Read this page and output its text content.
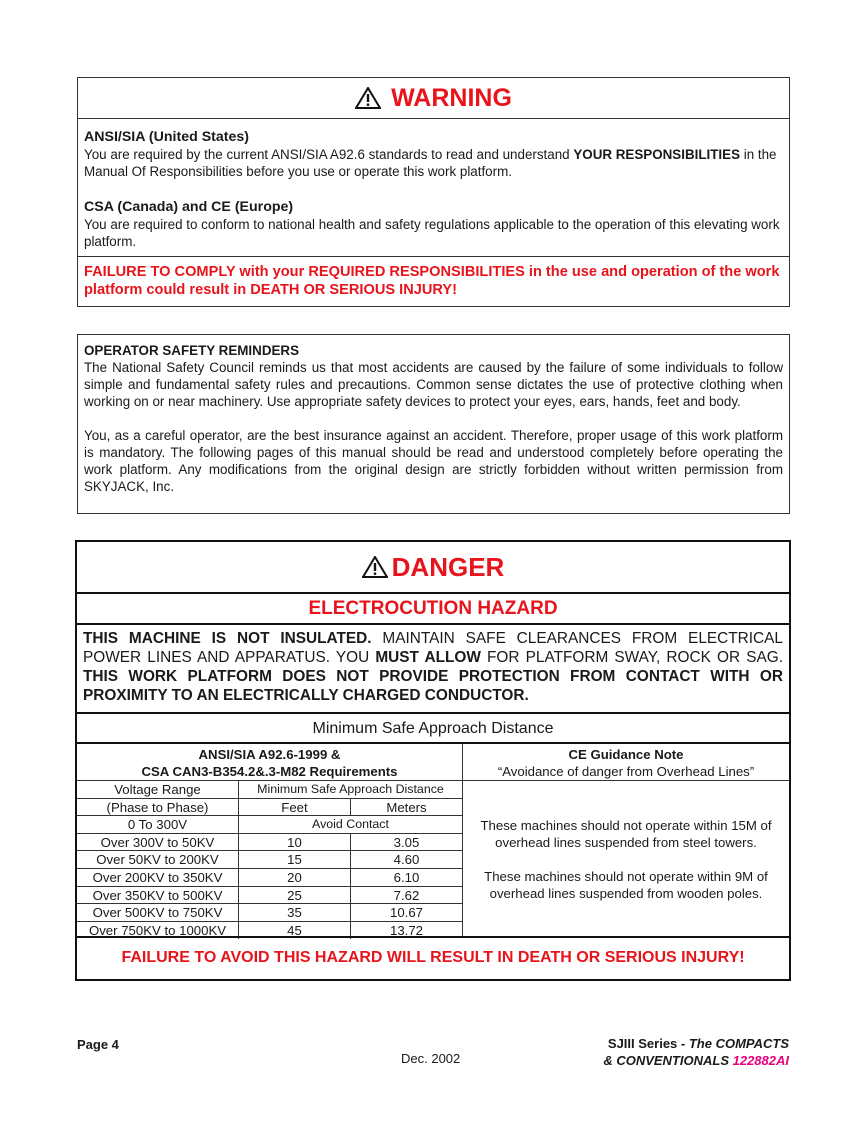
WARNING
ANSI/SIA (United States)

You are required by the current ANSI/SIA A92.6 standards to read and understand YOUR RESPONSIBILITIES in the Manual Of Responsibilities before you use or operate this work platform.

CSA (Canada) and CE (Europe)

You are required to conform to national health and safety regulations applicable to the operation of this elevating work platform.

FAILURE TO COMPLY with your REQUIRED RESPONSIBILITIES in the use and operation of the work platform could result in DEATH OR SERIOUS INJURY!
OPERATOR SAFETY REMINDERS

The National Safety Council reminds us that most accidents are caused by the failure of some individuals to follow simple and fundamental safety rules and precautions. Common sense dictates the use of protective clothing when working on or near machinery. Use appropriate safety devices to protect your eyes, ears, hands, feet and body.

You, as a careful operator, are the best insurance against an accident. Therefore, proper usage of this work platform is mandatory. The following pages of this manual should be read and understood completely before operating the work platform. Any modifications from the original design are strictly forbidden without written permission from SKYJACK, Inc.

DANGER
ELECTROCUTION HAZARD
THIS MACHINE IS NOT INSULATED. MAINTAIN SAFE CLEARANCES FROM ELECTRICAL POWER LINES AND APPARATUS. YOU MUST ALLOW FOR PLATFORM SWAY, ROCK OR SAG. THIS WORK PLATFORM DOES NOT PROVIDE PROTECTION FROM CONTACT WITH OR PROXIMITY TO AN ELECTRICALLY CHARGED CONDUCTOR.
Minimum Safe Approach Distance
ANSI/SIA A92.6-1999 &
CSA CAN3-B354.2&.3-M82 Requirements
Voltage Range	Minimum Safe Approach Distance
(Phase to Phase)	Feet	Meters
0 To 300V	Avoid Contact
Over 300V to 50KV	10	3.05
Over 50KV to 200KV	15	4.60
Over 200KV to 350KV	20	6.10
Over 350KV to 500KV	25	7.62
Over 500KV to 750KV	35	10.67
Over 750KV to 1000KV	45	13.72
CE Guidance Note
“Avoidance of danger from Overhead Lines”

These machines should not operate within 15M of overhead lines suspended from steel towers.

These machines should not operate within 9M of overhead lines suspended from wooden poles.

FAILURE TO AVOID THIS HAZARD WILL RESULT IN DEATH OR SERIOUS INJURY!
Page 4
Dec. 2002
SJIII Series - The COMPACTS
& CONVENTIONALS 122882AI
